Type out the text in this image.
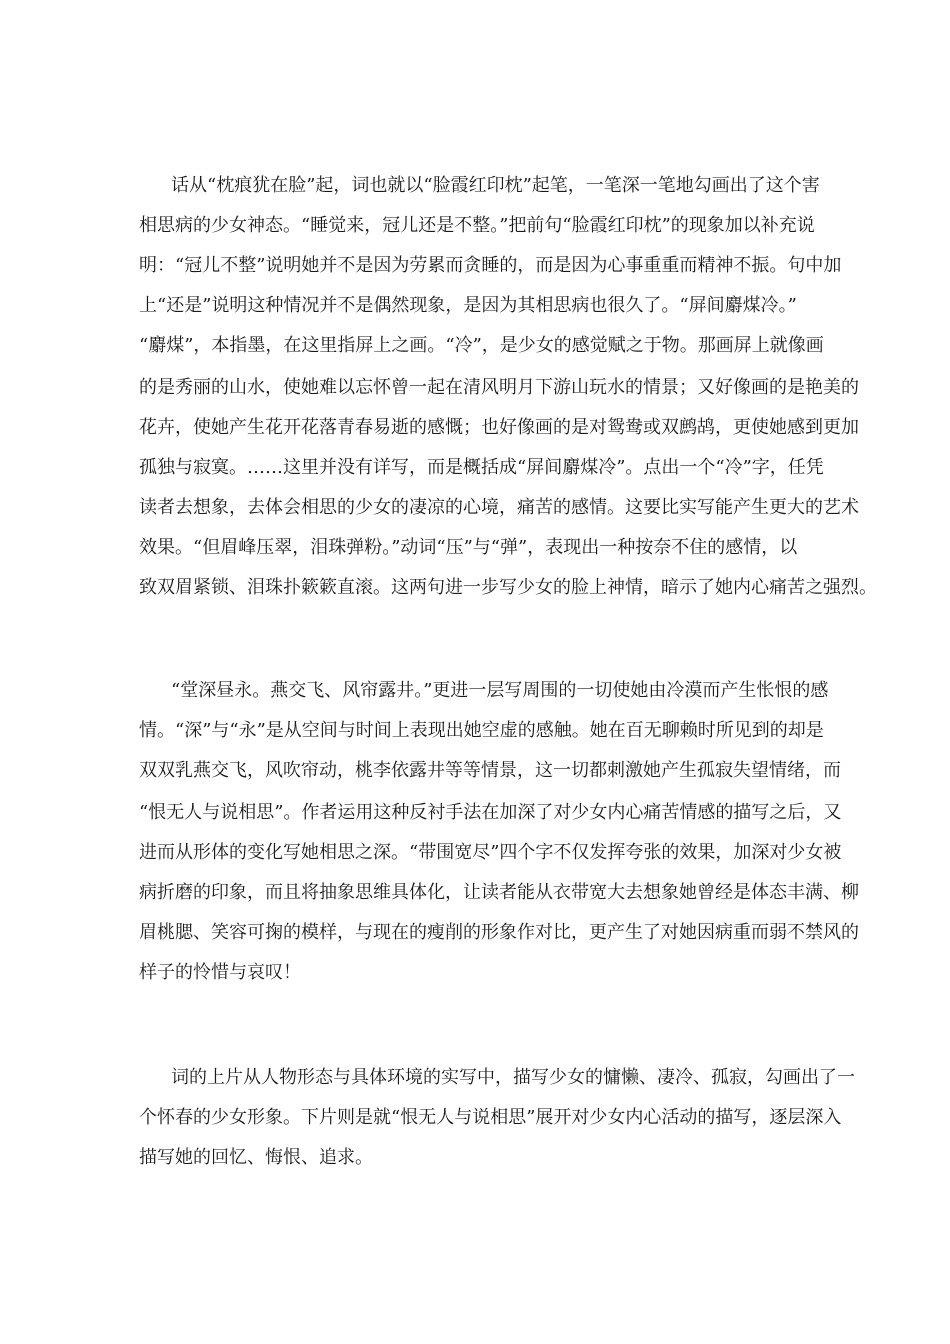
话从“枕痕犹在脸”起，词也就以“脸霞红印枕”起笔，一笔深一笔地勾画出了这个害
相思病的少女神态。“睡觉来，冠儿还是不整。”把前句“脸霞红印枕”的现象加以补充说
明：“冠儿不整”说明她并不是因为劳累而贪睡的，而是因为心事重重而精神不振。句中加
上“还是”说明这种情况并不是偶然现象，是因为其相思病也很久了。“屏间麝煤冷。”
“麝煤”，本指墨，在这里指屏上之画。“冷”，是少女的感觉赋之于物。那画屏上就像画
的是秀丽的山水，使她难以忘怀曾一起在清风明月下游山玩水的情景；又好像画的是艳美的
花卉，使她产生花开花落青春易逝的感慨；也好像画的是对鸳鸯或双鹧鸪，更使她感到更加
孤独与寂寞。……这里并没有详写，而是概括成“屏间麝煤冷”。点出一个“冷”字，任凭
读者去想象，去体会相思的少女的凄凉的心境，痛苦的感情。这要比实写能产生更大的艺术
效果。“但眉峰压翠，泪珠弹粉。”动词“压”与“弹”，表现出一种按奈不住的感情，以
致双眉紧锁、泪珠扑簌簌直滚。这两句进一步写少女的脸上神情，暗示了她内心痛苦之强烈。
“堂深昼永。燕交飞、风帘露井。”更进一层写周围的一切使她由冷漠而产生怅恨的感
情。“深”与“永”是从空间与时间上表现出她空虚的感触。她在百无聊赖时所见到的却是
双双乳燕交飞，风吹帘动，桃李依露井等等情景，这一切都刺激她产生孤寂失望情绪，而
“恨无人与说相思”。作者运用这种反衬手法在加深了对少女内心痛苦情感的描写之后，又
进而从形体的变化写她相思之深。“带围宽尽”四个字不仅发挥夸张的效果，加深对少女被
病折磨的印象，而且将抽象思维具体化，让读者能从衣带宽大去想象她曾经是体态丰满、柳
眉桃腮、笑容可掬的模样，与现在的瘦削的形象作对比，更产生了对她因病重而弱不禁风的
样子的怜惜与哀叹！
词的上片从人物形态与具体环境的实写中，描写少女的慵懒、凄冷、孤寂，勾画出了一
个怀春的少女形象。下片则是就“恨无人与说相思”展开对少女内心活动的描写，逐层深入
描写她的回忆、悔恨、追求。
